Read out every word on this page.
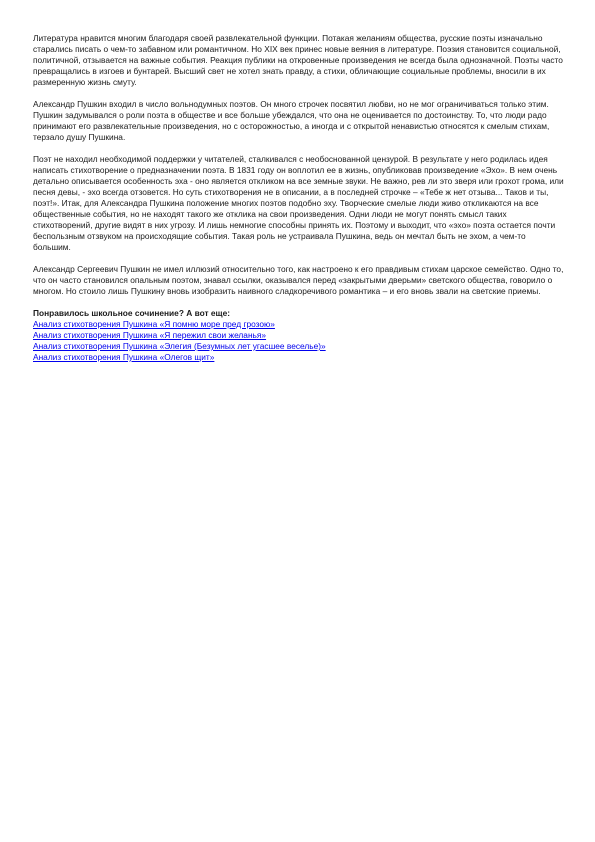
Литература нравится многим благодаря своей развлекательной функции. Потакая желаниям общества, русские поэты изначально старались писать о чем-то забавном или романтичном. Но XIX век принес новые веяния в литературе. Поэзия становится социальной, политичной, отзывается на важные события. Реакция публики на откровенные произведения не всегда была однозначной. Поэты часто превращались в изгоев и бунтарей. Высший свет не хотел знать правду, а стихи, обличающие социальные проблемы, вносили в их размеренную жизнь смуту.

Александр Пушкин входил в число вольнодумных поэтов. Он много строчек посвятил любви, но не мог ограничиваться только этим. Пушкин задумывался о роли поэта в обществе и все больше убеждался, что она не оценивается по достоинству. То, что люди радо принимают его развлекательные произведения, но с осторожностью, а иногда и с открытой ненавистью относятся к смелым стихам, терзало душу Пушкина.

Поэт не находил необходимой поддержки у читателей, сталкивался с необоснованной цензурой. В результате у него родилась идея написать стихотворение о предназначении поэта. В 1831 году он воплотил ее в жизнь, опубликовав произведение «Эхо». В нем очень детально описывается особенность эха - оно является откликом на все земные звуки. Не важно, рев ли это зверя или грохот грома, или песня девы, - эхо всегда отзовется. Но суть стихотворения не в описании, а в последней строчке – «Тебе ж нет отзыва... Таков и ты, поэт!». Итак, для Александра Пушкина положение многих поэтов подобно эху. Творческие смелые люди живо откликаются на все общественные события, но не находят такого же отклика на свои произведения. Одни люди не могут понять смысл таких стихотворений, другие видят в них угрозу. И лишь немногие способны принять их. Поэтому и выходит, что «эхо» поэта остается почти беспользным отзвуком на происходящие события. Такая роль не устраивала Пушкина, ведь он мечтал быть не эхом, а чем-то большим.

Александр Сергеевич Пушкин не имел иллюзий относительно того, как настроено к его правдивым стихам царское семейство. Одно то, что он часто становился опальным поэтом, знавал ссылки, оказывался перед «закрытыми дверьми» светского общества, говорило о многом. Но стоило лишь Пушкину вновь изобразить наивного сладкоречивого романтика – и его вновь звали на светские приемы.

Понравилось школьное сочинение? А вот еще:

Анализ стихотворения Пушкина «Я помню море пред грозою»
Анализ стихотворения Пушкина «Я пережил свои желанья»
Анализ стихотворения Пушкина «Элегия (Безумных лет угасшее веселье)»
Анализ стихотворения Пушкина «Олегов щит»
